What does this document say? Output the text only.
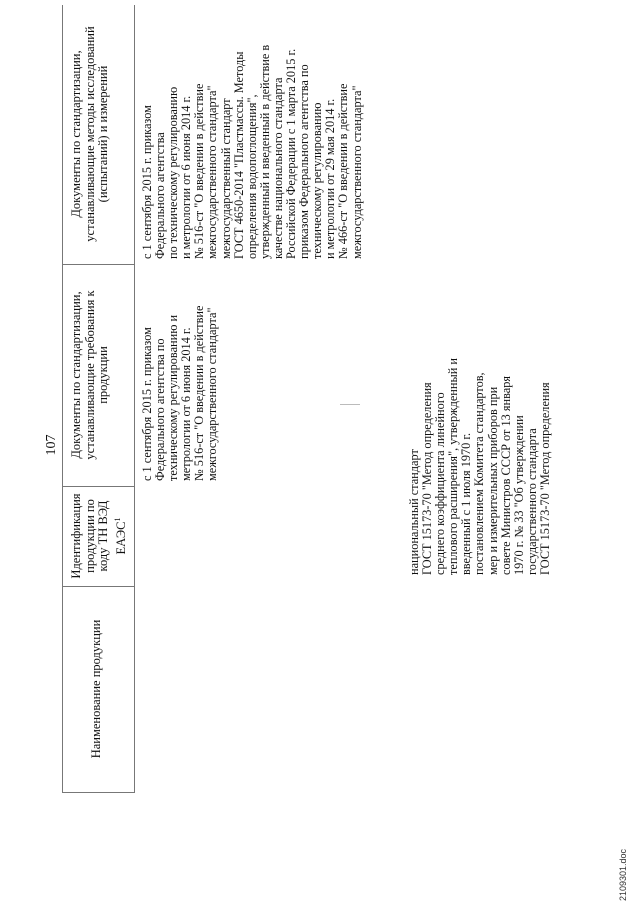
107
Наименование продукции
Идентификация продукции по коду ТН ВЭД ЕАЭС$^1$
Документы по стандартизации, устанавливающие требования к продукции
Документы по стандартизации, устанавливающие методы исследований (испытаний) и измерений
с 1 сентября 2015 г. приказом
Федерального агентства по
техническому регулированию и
метрологии от 6 июня 2014 г.
№ 516-ст "О введении в действие
межгосударственного стандарта"
с 1 сентября 2015 г. приказом
Федерального агентства
по техническому регулированию
и метрологии от 6 июня 2014 г.
№ 516-ст "О введении в действие
межгосударственного стандарта"
межгосударственный стандарт
ГОСТ 4650-2014 "Пластмассы. Методы
определения водопоглощения",
утвержденный и введенный в действие в
качестве национального стандарта
Российской Федерации с 1 марта 2015 г.
приказом Федерального агентства по
техническому регулированию
и метрологии от 29 мая 2014 г.
№ 466-ст "О введении в действие
межгосударственного стандарта"
национальный стандарт
ГОСТ 15173-70 "Метод определения
среднего коэффициента линейного
теплового расширения", утвержденный и
введенный с 1 июля 1970 г.
постановлением Комитета стандартов,
мер и измерительных приборов при
совете Министров СССР от 13 января
1970 г. № 33 "Об утверждении
государственного стандарта
ГОСТ 15173-70 "Метод определения
2109301.doc
